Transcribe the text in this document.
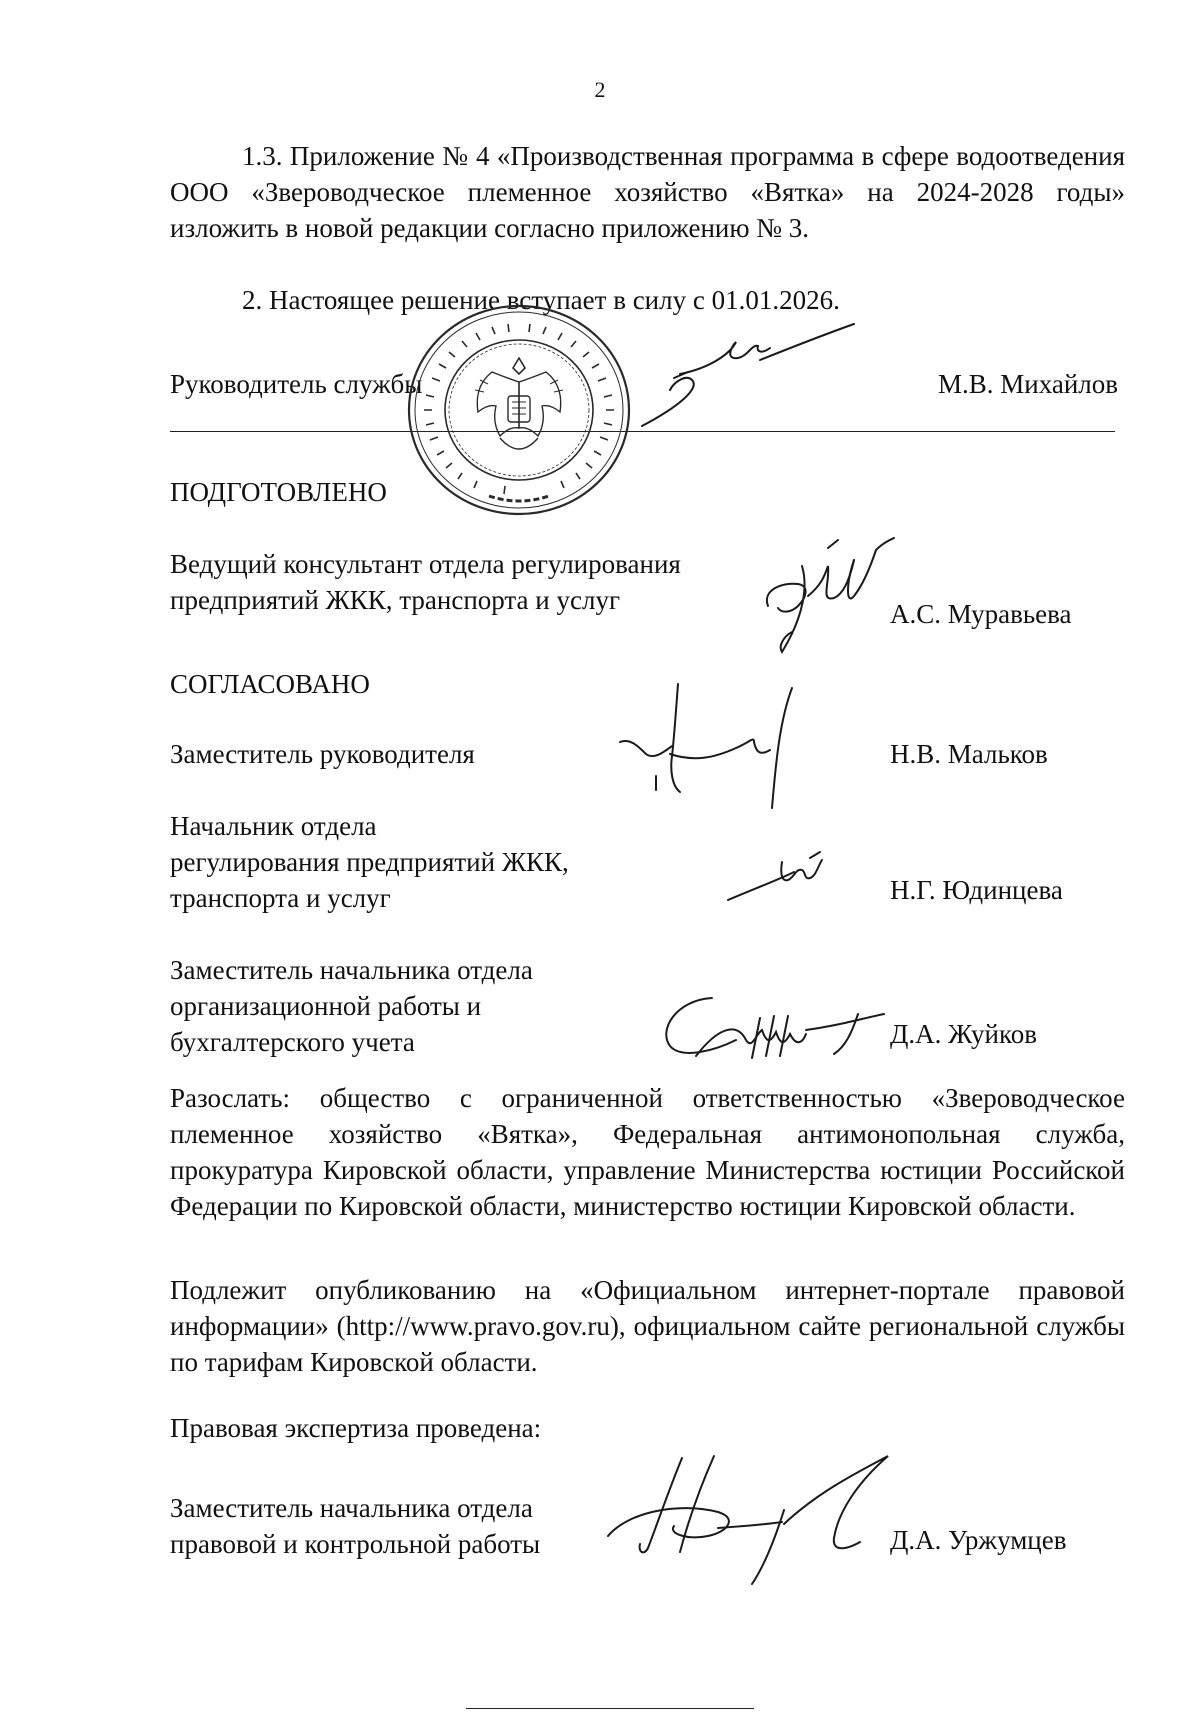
2
1.3. Приложение № 4 «Производственная программа в сфере водоотведения ООО «Звероводческое племенное хозяйство «Вятка» на 2024-2028 годы» изложить в новой редакции согласно приложению № 3.
2. Настоящее решение вступает в силу с 01.01.2026.
Руководитель службы	М.В. Михайлов
ПОДГОТОВЛЕНО
Ведущий консультант отдела регулирования
предприятий ЖКК, транспорта и услуг	А.С. Муравьева
СОГЛАСОВАНО
Заместитель руководителя	Н.В. Мальков
Начальник отдела
регулирования предприятий ЖКК,
транспорта и услуг	Н.Г. Юдинцева
Заместитель начальника отдела
организационной работы и
бухгалтерского учета	Д.А. Жуйков
Разослать: общество с ограниченной ответственностью «Звероводческое племенное хозяйство «Вятка», Федеральная антимонопольная служба, прокуратура Кировской области, управление Министерства юстиции Российской Федерации по Кировской области, министерство юстиции Кировской области.
Подлежит опубликованию на «Официальном интернет-портале правовой информации» (http://www.pravo.gov.ru), официальном сайте региональной службы по тарифам Кировской области.
Правовая экспертиза проведена:
Заместитель начальника отдела
правовой и контрольной работы	Д.А. Уржумцев
